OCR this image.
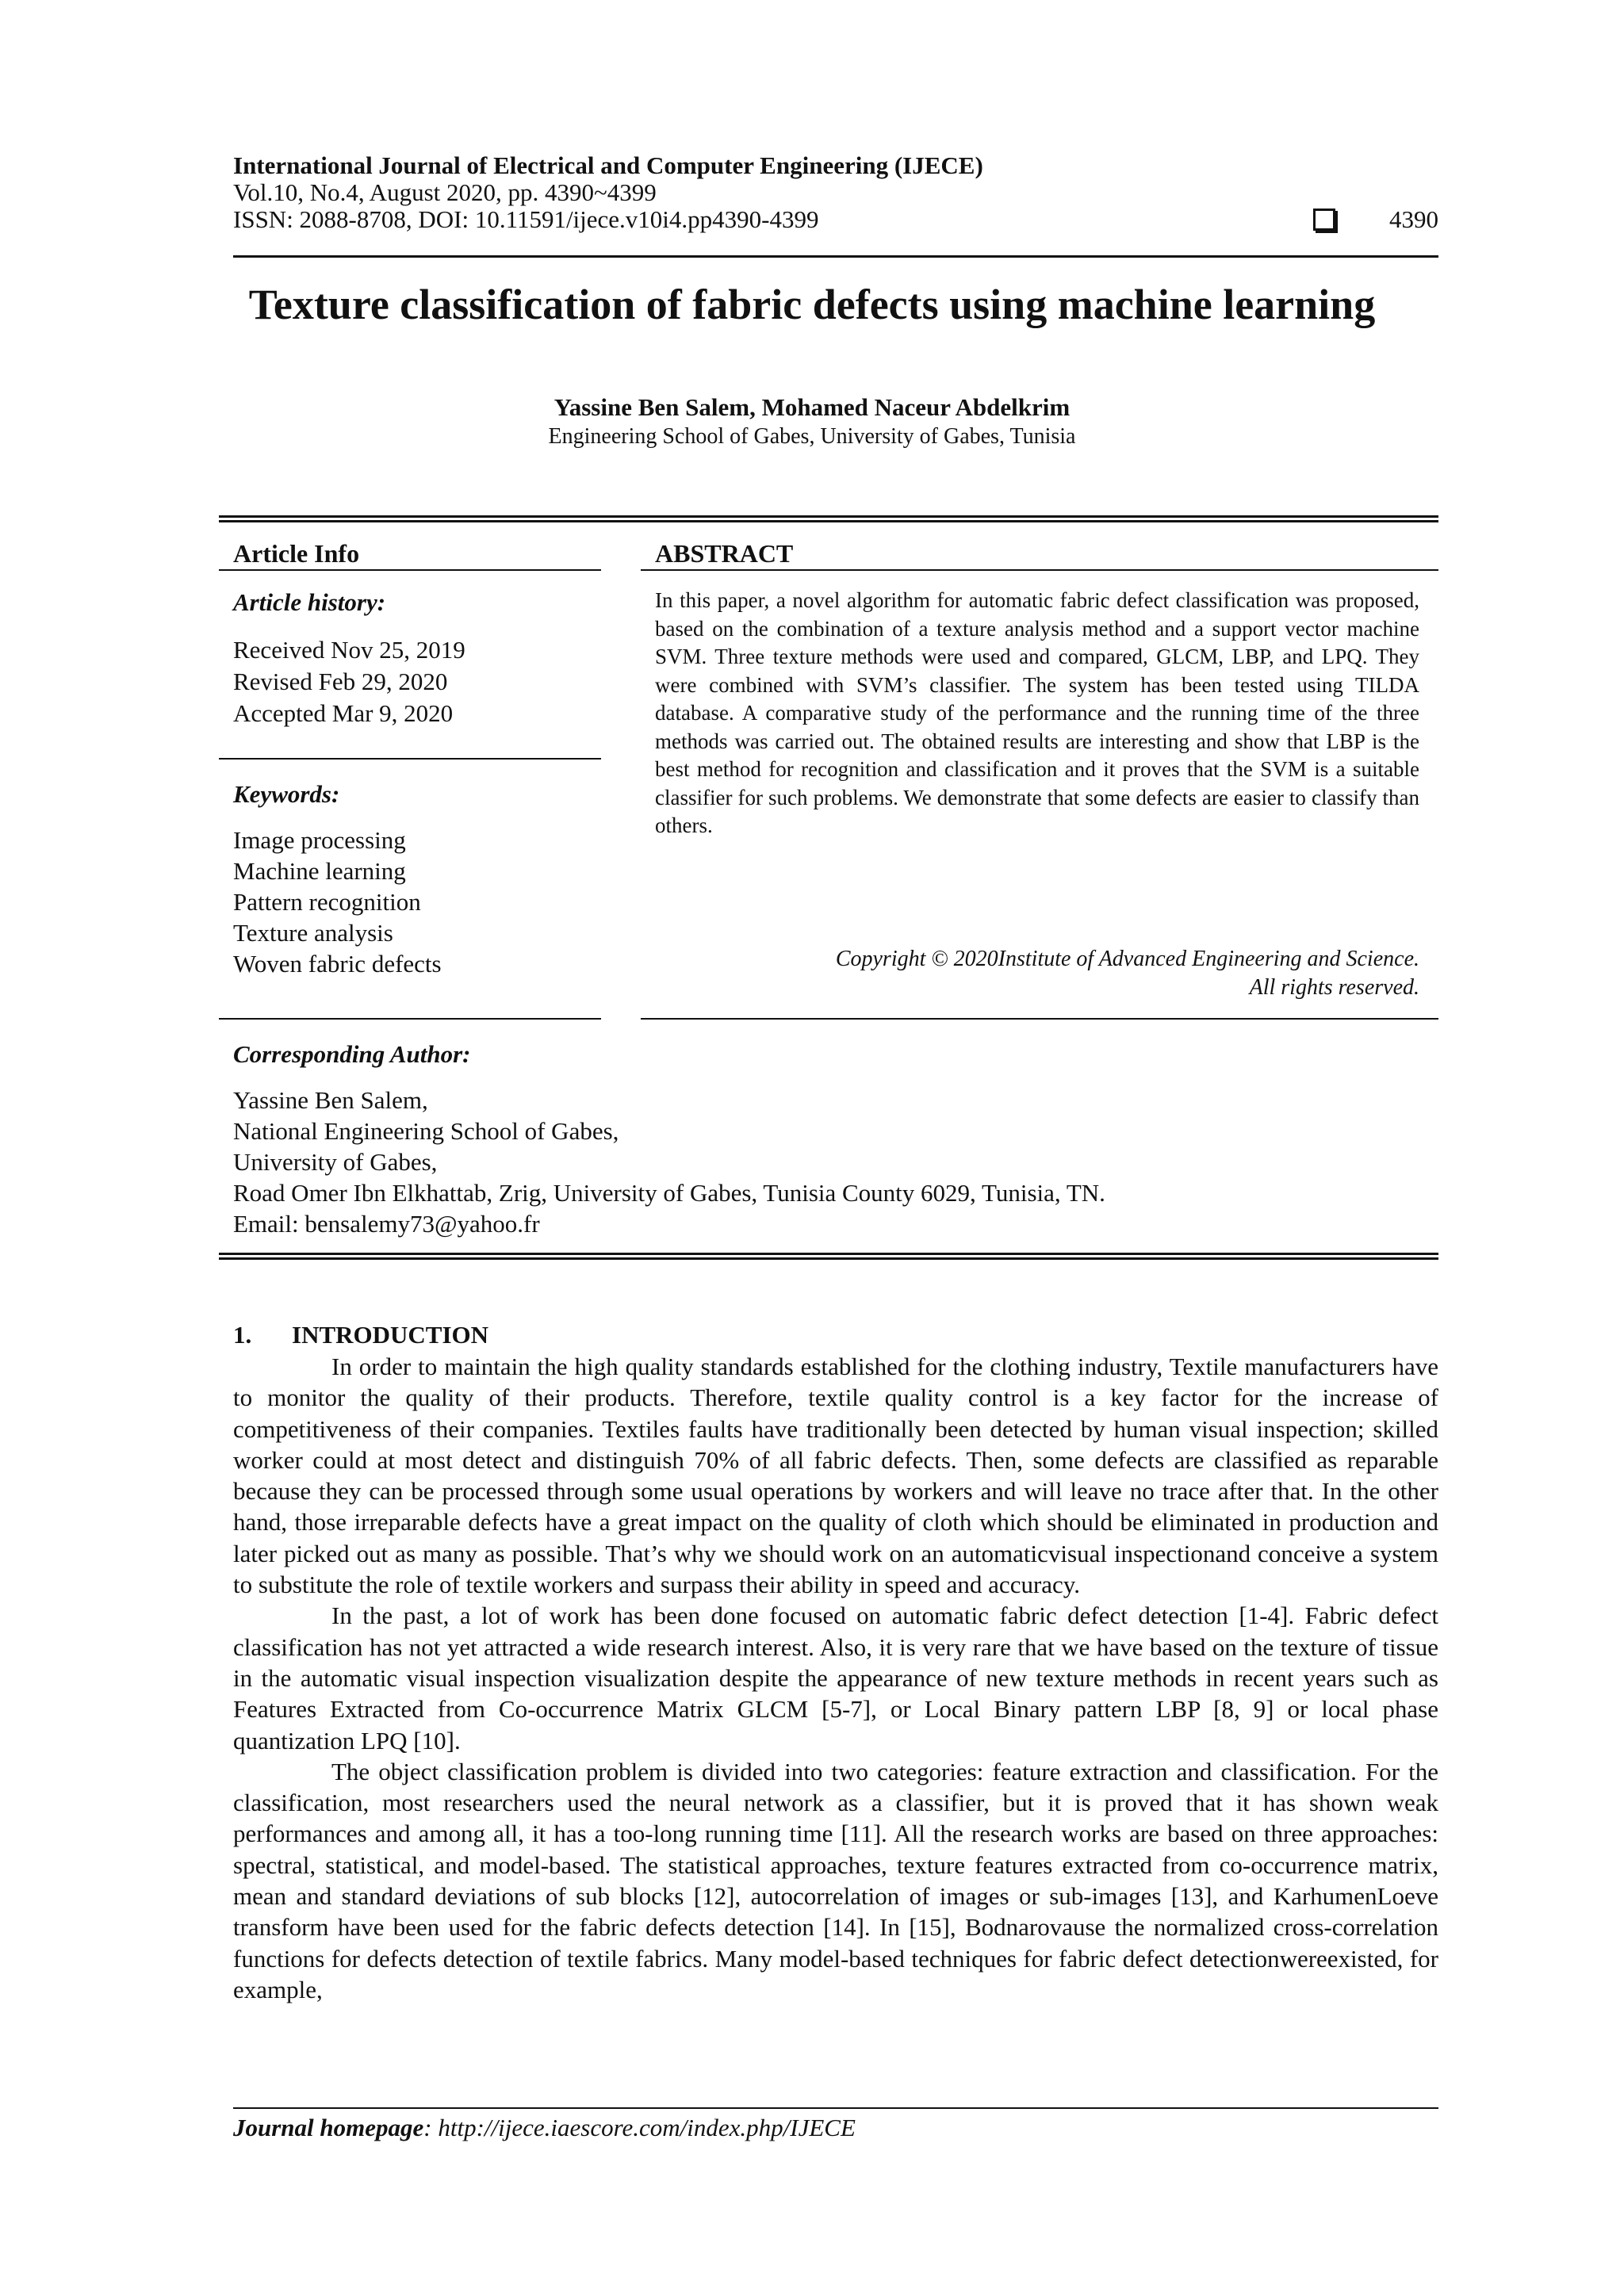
International Journal of Electrical and Computer Engineering (IJECE)
Vol.10, No.4, August 2020, pp. 4390~4399
ISSN: 2088-8708, DOI: 10.11591/ijece.v10i4.pp4390-4399	4390
Texture classification of fabric defects using machine learning
Yassine Ben Salem, Mohamed Naceur Abdelkrim
Engineering School of Gabes, University of Gabes, Tunisia
Article Info
Article history:
Received Nov 25, 2019
Revised Feb 29, 2020
Accepted Mar 9, 2020
Keywords:
Image processing
Machine learning
Pattern recognition
Texture analysis
Woven fabric defects
ABSTRACT
In this paper, a novel algorithm for automatic fabric defect classification was proposed, based on the combination of a texture analysis method and a support vector machine SVM. Three texture methods were used and compared, GLCM, LBP, and LPQ. They were combined with SVM’s classifier. The system has been tested using TILDA database. A comparative study of the performance and the running time of the three methods was carried out. The obtained results are interesting and show that LBP is the best method for recognition and classification and it proves that the SVM is a suitable classifier for such problems. We demonstrate that some defects are easier to classify than others.
Copyright © 2020Institute of Advanced Engineering and Science.
All rights reserved.
Corresponding Author:
Yassine Ben Salem,
National Engineering School of Gabes,
University of Gabes,
Road Omer Ibn Elkhattab, Zrig, University of Gabes, Tunisia County 6029, Tunisia, TN.
Email: bensalemy73@yahoo.fr
1. INTRODUCTION

In order to maintain the high quality standards established for the clothing industry, Textile manufacturers have to monitor the quality of their products. Therefore, textile quality control is a key factor for the increase of competitiveness of their companies. Textiles faults have traditionally been detected by human visual inspection; skilled worker could at most detect and distinguish 70% of all fabric defects. Then, some defects are classified as reparable because they can be processed through some usual operations by workers and will leave no trace after that. In the other hand, those irreparable defects have a great impact on the quality of cloth which should be eliminated in production and later picked out as many as possible. That’s why we should work on an automaticvisual inspectionand conceive a system to substitute the role of textile workers and surpass their ability in speed and accuracy.

In the past, a lot of work has been done focused on automatic fabric defect detection [1-4]. Fabric defect classification has not yet attracted a wide research interest. Also, it is very rare that we have based on the texture of tissue in the automatic visual inspection visualization despite the appearance of new texture methods in recent years such as Features Extracted from Co-occurrence Matrix GLCM [5-7], or Local Binary pattern LBP [8, 9] or local phase quantization LPQ [10].

The object classification problem is divided into two categories: feature extraction and classification. For the classification, most researchers used the neural network as a classifier, but it is proved that it has shown weak performances and among all, it has a too-long running time [11]. All the research works are based on three approaches: spectral, statistical, and model-based. The statistical approaches, texture features extracted from co-occurrence matrix, mean and standard deviations of sub blocks [12], autocorrelation of images or sub-images [13], and KarhumenLoeve transform have been used for the fabric defects detection [14]. In [15], Bodnarovause the normalized cross-correlation functions for defects detection of textile fabrics. Many model-based techniques for fabric defect detectionwereexisted, for example,

Journal homepage: http://ijece.iaescore.com/index.php/IJECE
